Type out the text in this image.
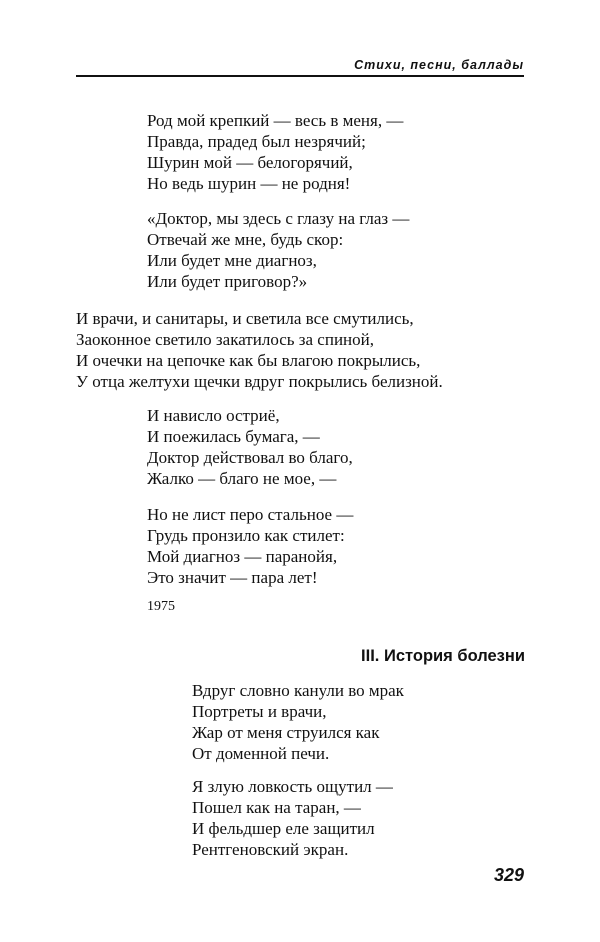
Стихи, песни, баллады
Род мой крепкий — весь в меня, —
Правда, прадед был незрячий;
Шурин мой — белогорячий,
Но ведь шурин — не родня!
«Доктор, мы здесь с глазу на глаз —
Отвечай же мне, будь скор:
Или будет мне диагноз,
Или будет приговор?»
И врачи, и санитары, и светила все смутились,
Заоконное светило закатилось за спиной,
И очечки на цепочке как бы влагою покрылись,
У отца желтухи щечки вдруг покрылись белизной.
И нависло остриё,
И поежилась бумага, —
Доктор действовал во благо,
Жалко — благо не мое, —
Но не лист перо стальное —
Грудь пронзило как стилет:
Мой диагноз — паранойя,
Это значит — пара лет!
1975
III. История болезни
Вдруг словно канули во мрак
Портреты и врачи,
Жар от меня струился как
От доменной печи.
Я злую ловкость ощутил —
Пошел как на таран, —
И фельдшер еле защитил
Рентгеновский экран.
329
